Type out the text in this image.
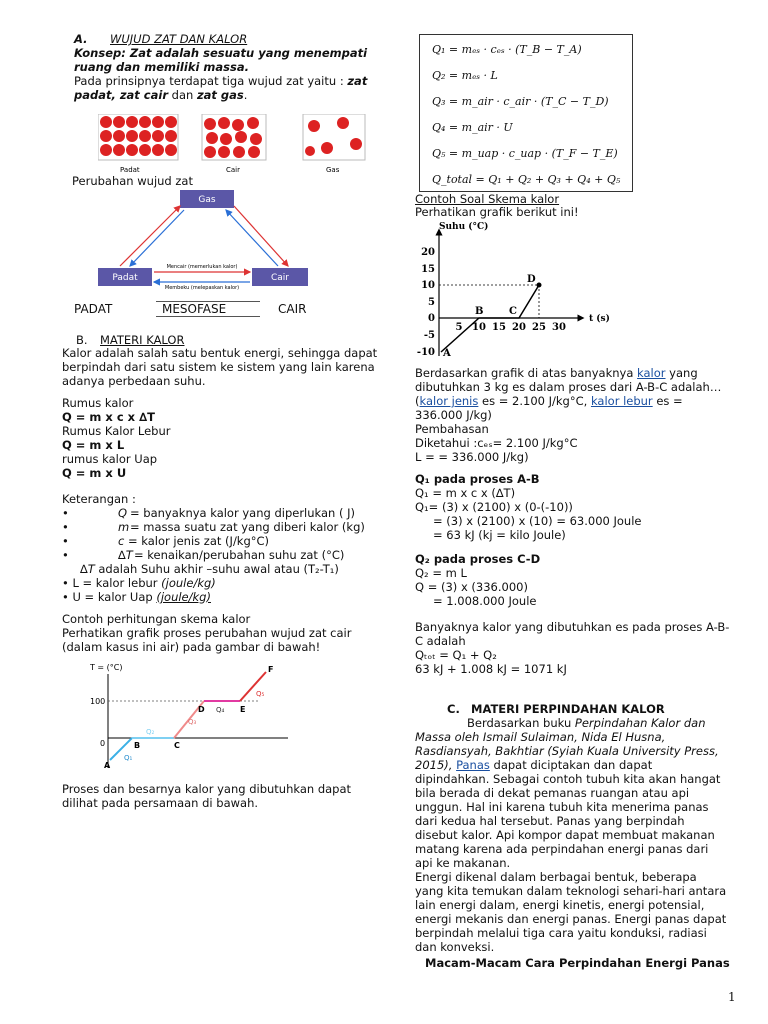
A. WUJUD ZAT DAN KALOR
Konsep: Zat adalah sesuatu yang menempati
ruang dan memiliki massa.
Pada prinsipnya terdapat tiga wujud zat yaitu : zat
padat, zat cair dan zat gas.
Padat	Cair	Gas
Perubahan wujud zat
Gas
Padat	Cair
Mencair (memerlukan kalor)
Membeku (melepaskan kalor)
PADAT	MESOFASE	CAIR
B. MATERI KALOR
Kalor adalah salah satu bentuk energi, sehingga dapat
berpindah dari satu sistem ke sistem yang lain karena
adanya perbedaan suhu.
Rumus kalor
Q = m x c x ∆T
Rumus Kalor Lebur
Q = m x L
rumus kalor Uap
Q = m x U
Keterangan :
•	Q = banyaknya kalor yang diperlukan ( J)
•	m = massa suatu zat yang diberi kalor (kg)
•	c = kalor jenis zat (J/kg°C)
•	∆T = kenaikan/perubahan suhu zat (°C)
∆T adalah Suhu akhir –suhu awal atau (T₂-T₁)
• L = kalor lebur (joule/kg)
• U = kalor Uap (joule/kg)
Contoh perhitungan skema kalor
Perhatikan grafik proses perubahan wujud zat cair
(dalam kasus ini air) pada gambar di bawah!
T = (°C)
100
0
A
B	C
D	E
F
Q₁
Q₂
Q₃
Q₄
Q₅
Proses dan besarnya kalor yang dibutuhkan dapat
dilihat pada persamaan di bawah.
Q₁ = mₑₛ · cₑₛ · (T_B − T_A)
Q₂ = mₑₛ · L
Q₃ = m_air · c_air · (T_C − T_D)
Q₄ = m_air · U
Q₅ = m_uap · c_uap · (T_F − T_E)
Q_total = Q₁ + Q₂ + Q₃ + Q₄ + Q₅
Contoh Soal Skema kalor
Perhatikan grafik berikut ini!
Suhu (°C)
t (s)
20
15
10
5
0
-5
-10
5 10 15 20 25 30
A
B	C
D
Berdasarkan grafik di atas banyaknya kalor yang
dibutuhkan 3 kg es dalam proses dari A-B-C adalah…
(kalor jenis es = 2.100 J/kg°C, kalor lebur es =
336.000 J/kg)
Pembahasan
Diketahui :cₑₛ= 2.100 J/kg°C
L = = 336.000 J/kg)
Q₁ pada proses A-B
Q₁ = m x c x (∆T)
Q₁= (3) x (2100) x (0-(-10))
= (3) x (2100) x (10) = 63.000 Joule
= 63 kJ (kj = kilo Joule)
Q₂ pada proses C-D
Q₂ = m L
Q = (3) x (336.000)
= 1.008.000 Joule
Banyaknya kalor yang dibutuhkan es pada proses A-B-
C adalah
Qₜₒₜ = Q₁ + Q₂
63 kJ + 1.008 kJ = 1071 kJ
C. MATERI PERPINDAHAN KALOR
Berdasarkan buku Perpindahan Kalor dan
Massa oleh Ismail Sulaiman, Nida El Husna,
Rasdiansyah, Bakhtiar (Syiah Kuala University Press,
2015), Panas dapat diciptakan dan dapat
dipindahkan. Sebagai contoh tubuh kita akan hangat
bila berada di dekat pemanas ruangan atau api
unggun. Hal ini karena tubuh kita menerima panas
dari kedua hal tersebut. Panas yang berpindah
disebut kalor. Api kompor dapat membuat makanan
matang karena ada perpindahan energi panas dari
api ke makanan.
Energi dikenal dalam berbagai bentuk, beberapa
yang kita temukan dalam teknologi sehari-hari antara
lain energi dalam, energi kinetis, energi potensial,
energi mekanis dan energi panas. Energi panas dapat
berpindah melalui tiga cara yaitu konduksi, radiasi
dan konveksi.
Macam-Macam Cara Perpindahan Energi Panas
1
